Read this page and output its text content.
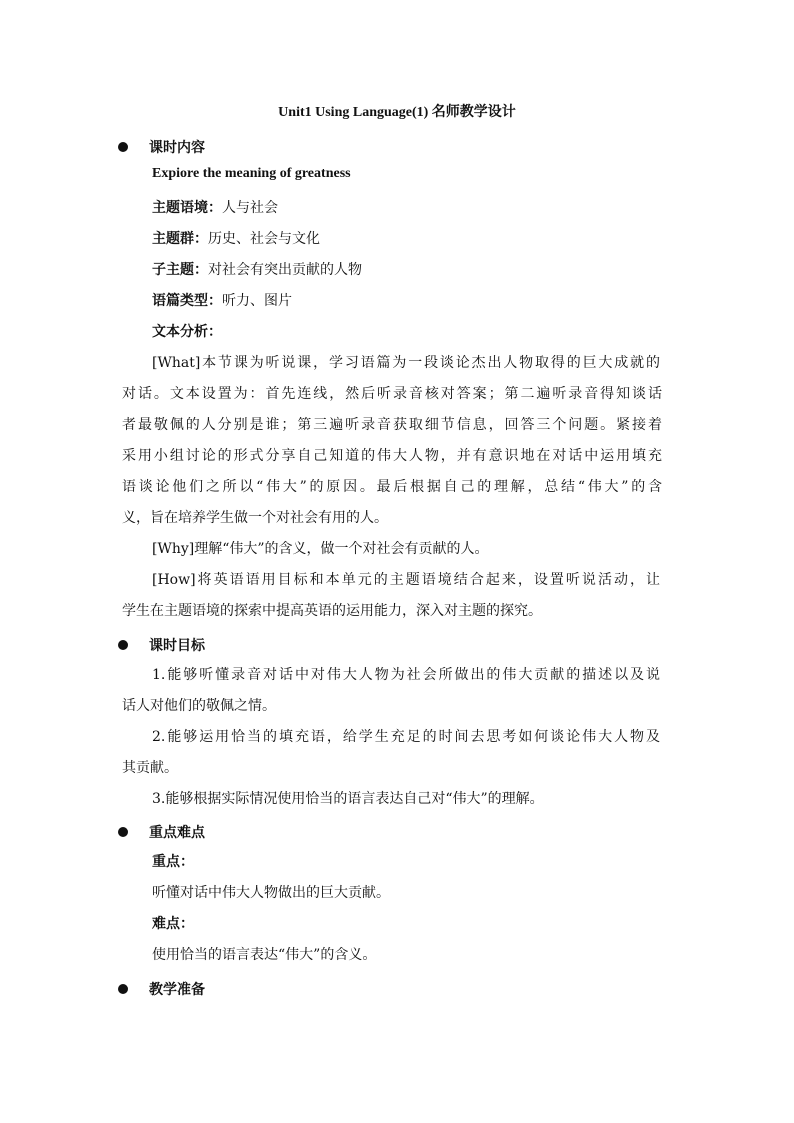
Unit1 Using Language(1) 名师教学设计
课时内容
Expiore the meaning of greatness
主题语境：人与社会
主题群：历史、社会与文化
子主题：对社会有突出贡献的人物
语篇类型：听力、图片
文本分析：
[What]本节课为听说课，学习语篇为一段谈论杰出人物取得的巨大成就的
对话。文本设置为：首先连线，然后听录音核对答案；第二遍听录音得知谈话
者最敬佩的人分别是谁；第三遍听录音获取细节信息，回答三个问题。紧接着
采用小组讨论的形式分享自己知道的伟大人物，并有意识地在对话中运用填充
语谈论他们之所以“伟大”的原因。最后根据自己的理解，总结“伟大”的含
义，旨在培养学生做一个对社会有用的人。
[Why]理解“伟大”的含义，做一个对社会有贡献的人。
[How]将英语语用目标和本单元的主题语境结合起来，设置听说活动，让
学生在主题语境的探索中提高英语的运用能力，深入对主题的探究。
课时目标
1.能够听懂录音对话中对伟大人物为社会所做出的伟大贡献的描述以及说
话人对他们的敬佩之情。
2.能够运用恰当的填充语，给学生充足的时间去思考如何谈论伟大人物及
其贡献。
3.能够根据实际情况使用恰当的语言表达自己对“伟大”的理解。
重点难点
重点：
听懂对话中伟大人物做出的巨大贡献。
难点：
使用恰当的语言表达“伟大”的含义。
教学准备
